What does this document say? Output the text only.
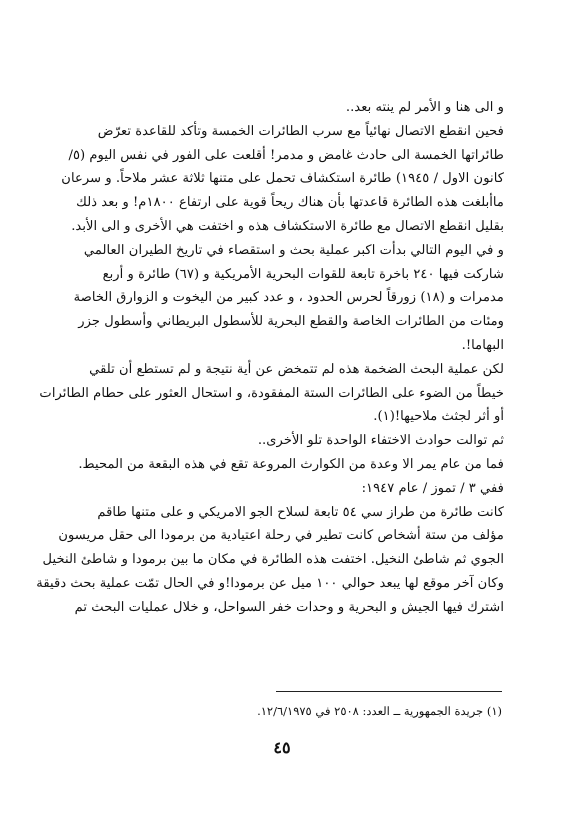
و الى هنا و الأمر لم ينته بعد..
فحين انقطع الاتصال نهائياً مع سرب الطائرات الخمسة وتأكد للقاعدة تعرّض
طائراتها الخمسة الى حادث غامض و مدمر! أقلعت على الفور في نفس اليوم (٥/
كانون الاول / ١٩٤٥) طائرة استكشاف تحمل على متنها ثلاثة عشر ملاحاً. و سرعان
ماأبلغت هذه الطائرة قاعدتها بأن هناك ريحاً قوية على ارتفاع ١٨٠٠م! و بعد ذلك
بقليل انقطع الاتصال مع طائرة الاستكشاف هذه و اختفت هي الأخرى و الى الأبد.
و في اليوم التالي بدأت اكبر عملية بحث و استقصاء في تاريخ الطيران العالمي
شاركت فيها ٢٤٠ باخرة تابعة للقوات البحرية الأمريكية و (٦٧) طائرة و أربع
مدمرات و (١٨) زورقاً لحرس الحدود ، و عدد كبير من اليخوت و الزوارق الخاصة
ومئات من الطائرات الخاصة والقطع البحرية للأسطول البريطاني وأسطول جزر
البهاما!.
لكن عملية البحث الضخمة هذه لم تتمخض عن أية نتيجة و لم تستطع أن تلقي
خيطاً من الضوء على الطائرات الستة المفقودة، و استحال العثور على حطام الطائرات
أو أثر لجثث ملاحيها!(١).
ثم توالت حوادث الاختفاء الواحدة تلو الأخرى..
فما من عام يمر الا وعدة من الكوارث المروعة تقع في هذه البقعة من المحيط.
ففي ٣ / تموز / عام ١٩٤٧:
كانت طائرة من طراز سي ٥٤ تابعة لسلاح الجو الامريكي و على متنها طاقم
مؤلف من ستة أشخاص كانت تطير في رحلة اعتيادية من برمودا الى حقل مريسون
الجوي ثم شاطئ النخيل. اختفت هذه الطائرة في مكان ما بين برمودا و شاطئ النخيل
وكان آخر موقع لها يبعد حوالي ١٠٠ ميل عن برمودا!و في الحال تمّت عملية بحث دقيقة
اشترك فيها الجيش و البحرية و وحدات خفر السواحل، و خلال عمليات البحث تم
(١) جريدة الجمهورية ــ العدد: ٢٥٠٨ في ١٢/٦/١٩٧٥.
٤٥
